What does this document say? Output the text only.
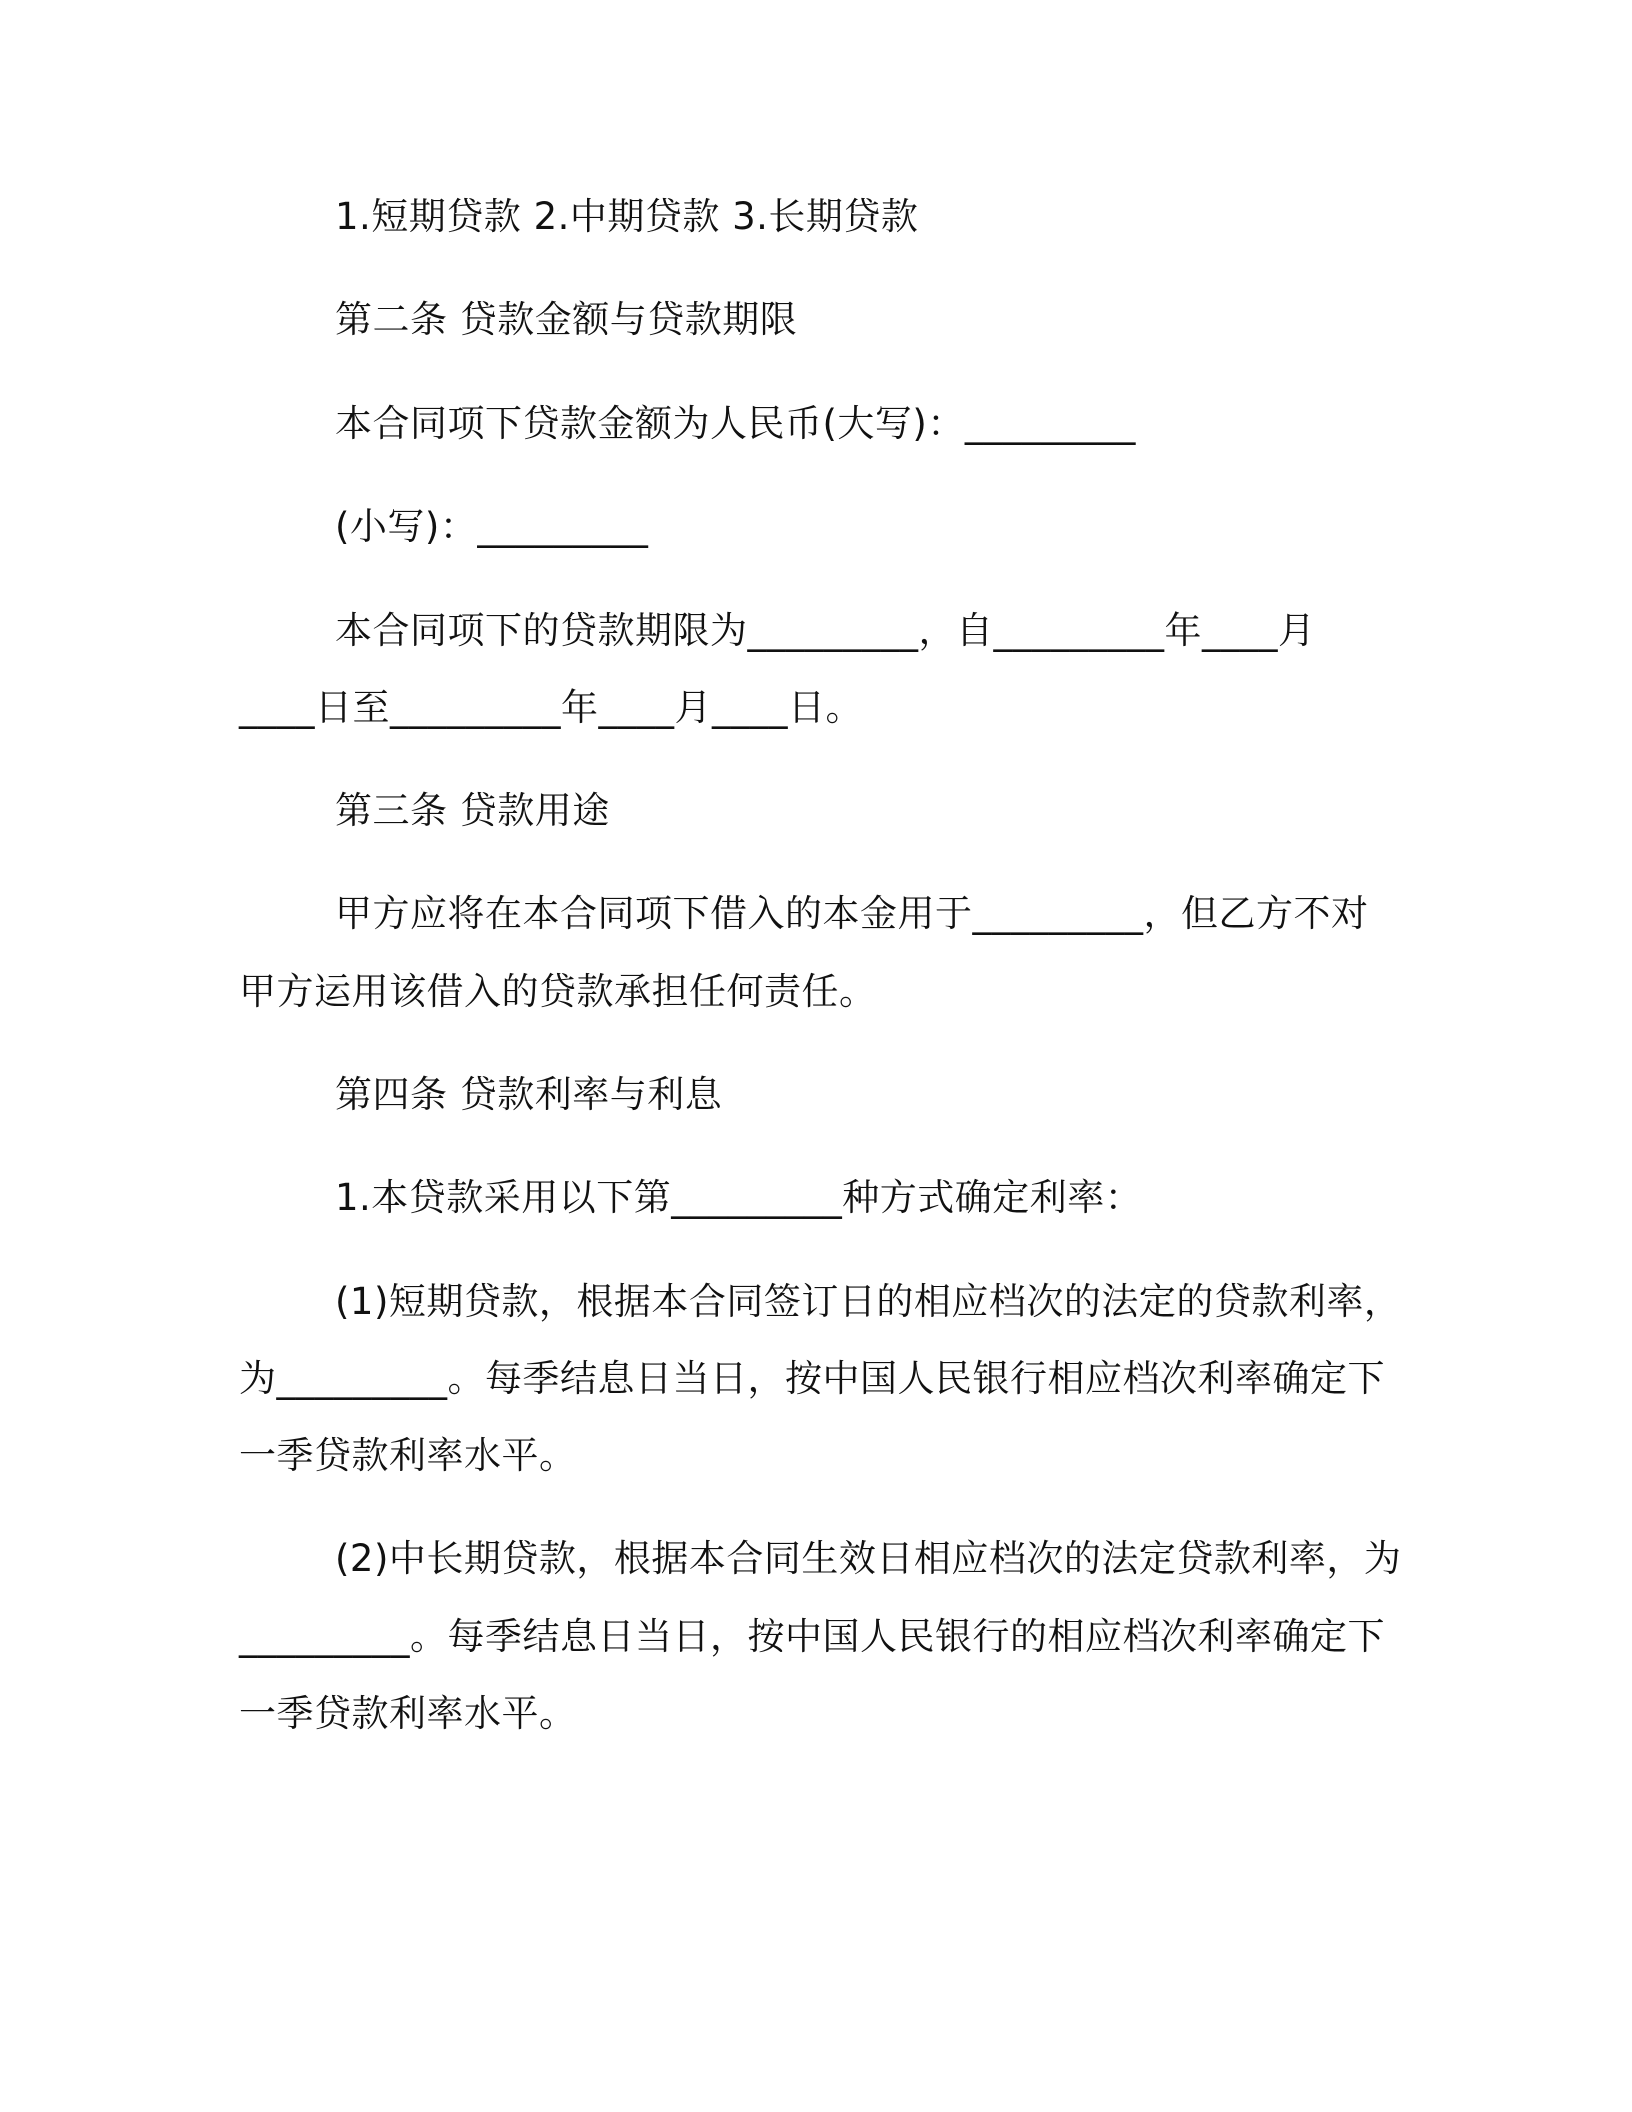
1.短期贷款 2.中期贷款 3.长期贷款
第二条 贷款金额与贷款期限
本合同项下贷款金额为人民币(大写)：_________
(小写)：_________
本合同项下的贷款期限为_________，自_________年____月
____日至_________年____月____日。
第三条 贷款用途
甲方应将在本合同项下借入的本金用于_________，但乙方不对
甲方运用该借入的贷款承担任何责任。
第四条 贷款利率与利息
1.本贷款采用以下第_________种方式确定利率：
(1)短期贷款，根据本合同签订日的相应档次的法定的贷款利率，
为_________。每季结息日当日，按中国人民银行相应档次利率确定下
一季贷款利率水平。
(2)中长期贷款，根据本合同生效日相应档次的法定贷款利率，为
_________。每季结息日当日，按中国人民银行的相应档次利率确定下
一季贷款利率水平。
